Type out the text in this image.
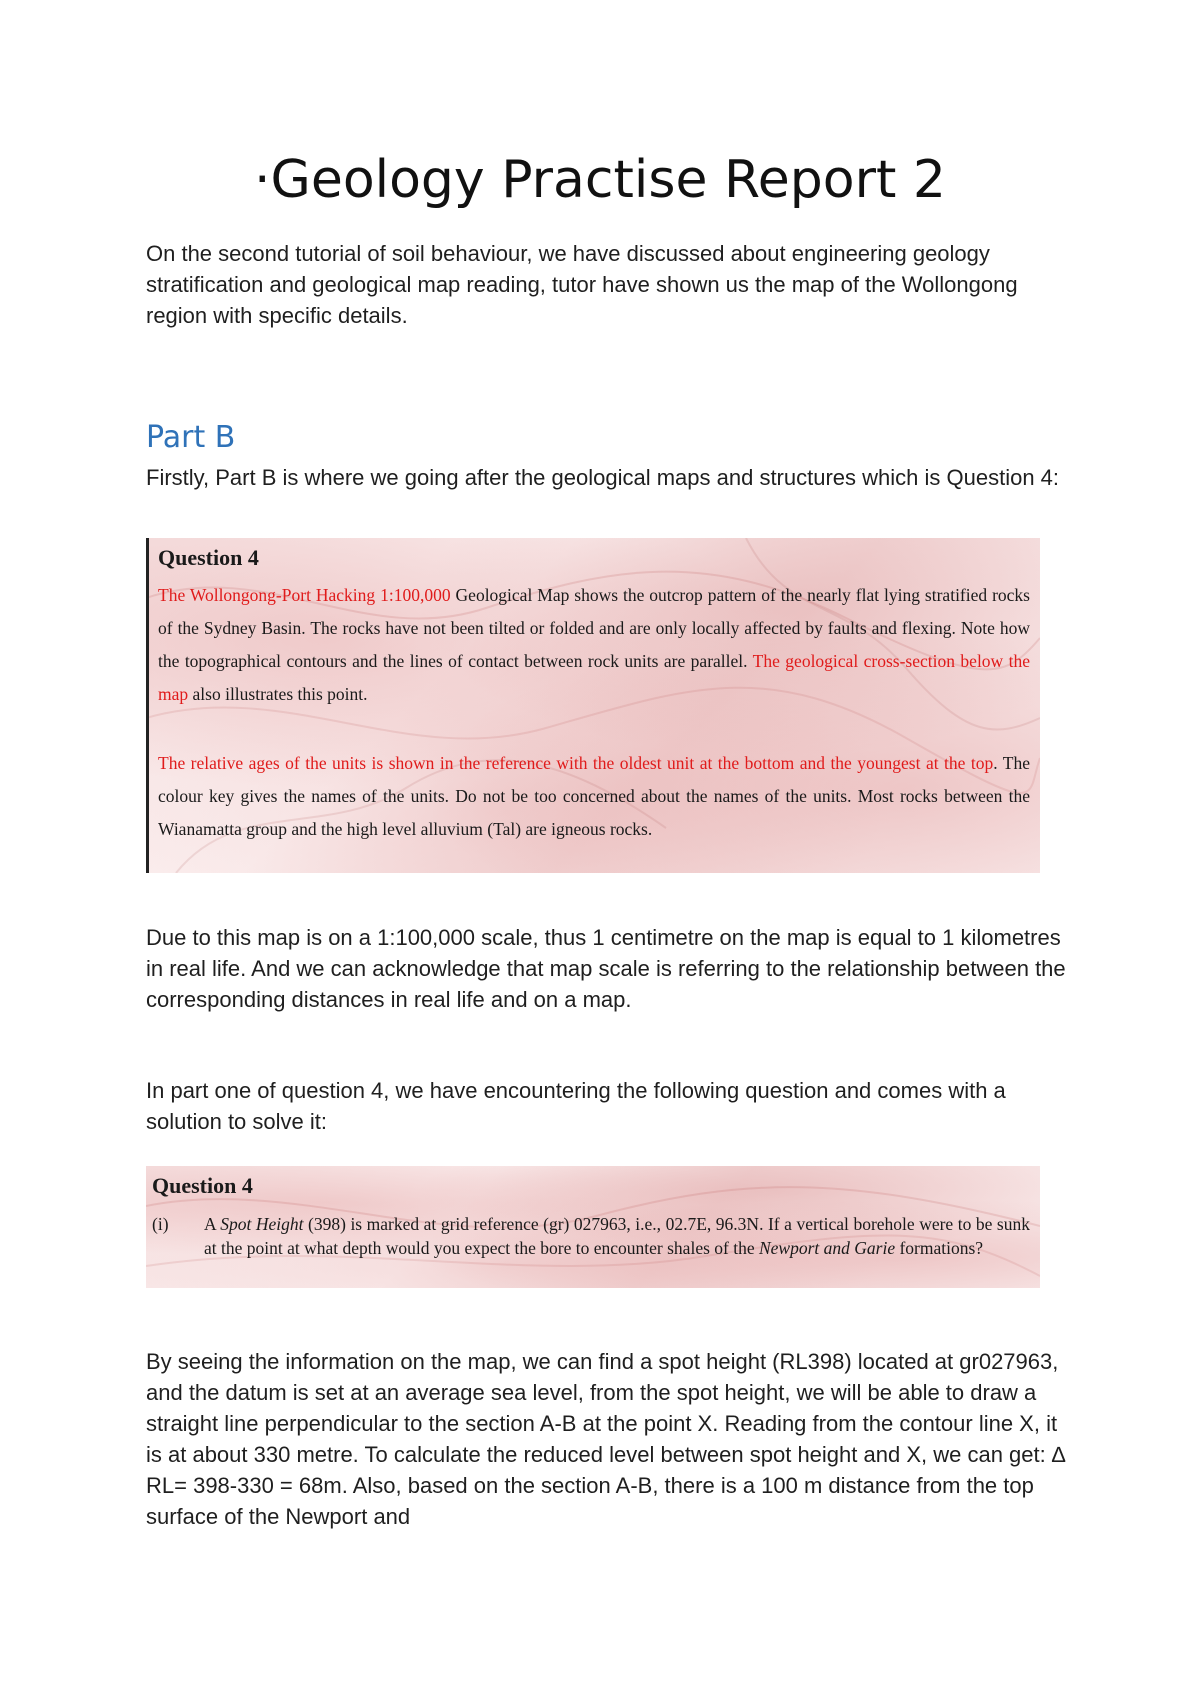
·Geology Practise Report 2

On the second tutorial of soil behaviour, we have discussed about engineering geology stratification and geological map reading, tutor have shown us the map of the Wollongong region with specific details.

Part B

Firstly, Part B is where we going after the geological maps and structures which is Question 4:

Question 4

The Wollongong-Port Hacking 1:100,000 Geological Map shows the outcrop pattern of the nearly flat lying stratified rocks of the Sydney Basin. The rocks have not been tilted or folded and are only locally affected by faults and flexing. Note how the topographical contours and the lines of contact between rock units are parallel. The geological cross-section below the map also illustrates this point.

The relative ages of the units is shown in the reference with the oldest unit at the bottom and the youngest at the top. The colour key gives the names of the units. Do not be too concerned about the names of the units. Most rocks between the Wianamatta group and the high level alluvium (Tal) are igneous rocks.

Due to this map is on a 1:100,000 scale, thus 1 centimetre on the map is equal to 1 kilometres in real life. And we can acknowledge that map scale is referring to the relationship between the corresponding distances in real life and on a map.

In part one of question 4, we have encountering the following question and comes with a solution to solve it:

Question 4

(i) A Spot Height (398) is marked at grid reference (gr) 027963, i.e., 02.7E, 96.3N. If a vertical borehole were to be sunk at the point at what depth would you expect the bore to encounter shales of the Newport and Garie formations?

By seeing the information on the map, we can find a spot height (RL398) located at gr027963, and the datum is set at an average sea level, from the spot height, we will be able to draw a straight line perpendicular to the section A-B at the point X. Reading from the contour line X, it is at about 330 metre. To calculate the reduced level between spot height and X, we can get: ∆ RL= 398-330 = 68m. Also, based on the section A-B, there is a 100 m distance from the top surface of the Newport and
